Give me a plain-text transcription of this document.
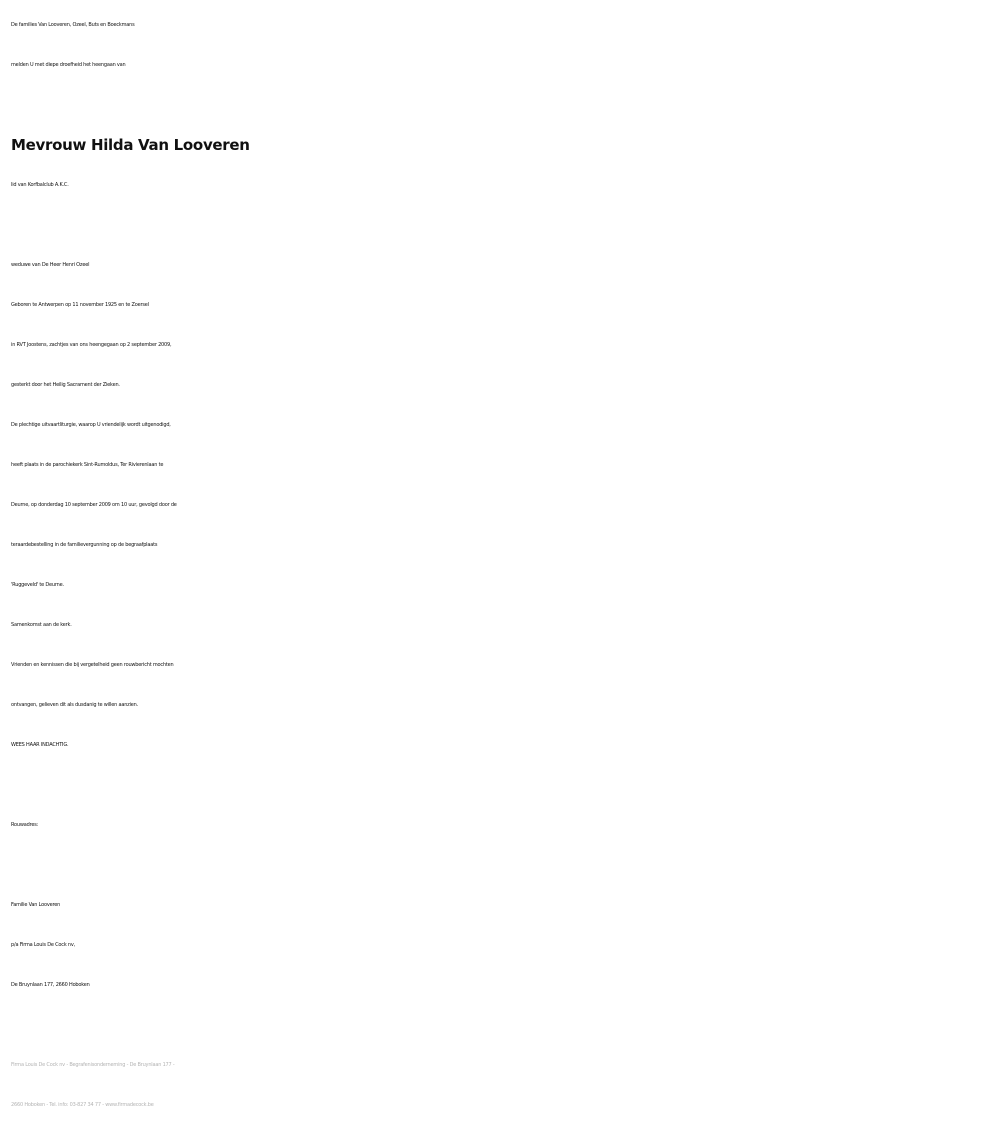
De families Van Looveren, Ozeel, Buts en Boeckmans
melden U met diepe droefheid het heengaan van
Mevrouw Hilda Van Looveren
lid van Korfbalclub A.K.C.
weduwe van De Heer Henri Ozeel
Geboren te Antwerpen op 11 november 1925 en te Zoersel
in RVT Joostens, zachtjes van ons heengegaan op 2 september 2009,
gesterkt door het Heilig Sacrament der Zieken.
De plechtige uitvaartliturgie, waarop U vriendelijk wordt uitgenodigd,
heeft plaats in de parochiekerk Sint-Rumoldus, Ter Rivierenlaan te
Deurne, op donderdag 10 september 2009 om 10 uur, gevolgd door de
teraardebestelling in de familievergunning op de begraafplaats
'Ruggeveld' te Deurne.
Samenkomst aan de kerk.
Vrienden en kennissen die bij vergetelheid geen rouwbericht mochten
ontvangen, gelieven dit als dusdanig te willen aanzien.
WEES HAAR INDACHTIG.
Rouwadres:
Familie Van Looveren
p/a Firma Louis De Cock nv,
De Bruynlaan 177, 2660 Hoboken
Firma Louis De Cock nv - Begrafenisonderneming - De Bruynlaan 177 -
2660 Hoboken - Tel. info: 03-827 34 77 - www.firmadecock.be
